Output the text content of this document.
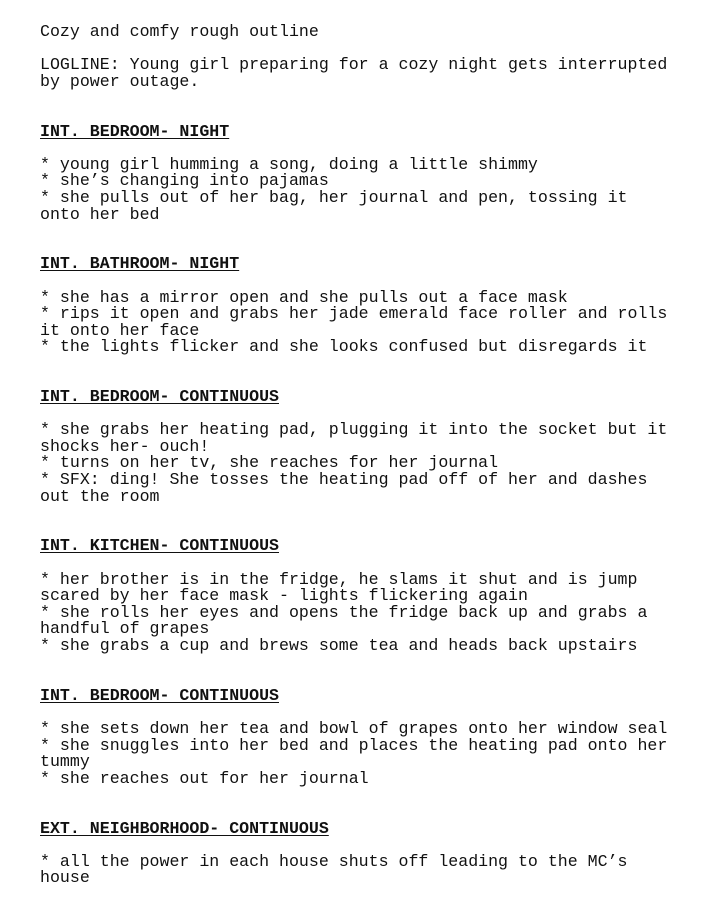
Cozy and comfy rough outline
LOGLINE: Young girl preparing for a cozy night gets interrupted
by power outage.
INT. BEDROOM- NIGHT
* young girl humming a song, doing a little shimmy
* she’s changing into pajamas
* she pulls out of her bag, her journal and pen, tossing it
onto her bed
INT. BATHROOM- NIGHT
* she has a mirror open and she pulls out a face mask
* rips it open and grabs her jade emerald face roller and rolls
it onto her face
* the lights flicker and she looks confused but disregards it
INT. BEDROOM- CONTINUOUS
* she grabs her heating pad, plugging it into the socket but it
shocks her- ouch!
* turns on her tv, she reaches for her journal
* SFX: ding! She tosses the heating pad off of her and dashes
out the room
INT. KITCHEN- CONTINUOUS
* her brother is in the fridge, he slams it shut and is jump
scared by her face mask - lights flickering again
* she rolls her eyes and opens the fridge back up and grabs a
handful of grapes
* she grabs a cup and brews some tea and heads back upstairs
INT. BEDROOM- CONTINUOUS
* she sets down her tea and bowl of grapes onto her window seal
* she snuggles into her bed and places the heating pad onto her
tummy
* she reaches out for her journal
EXT. NEIGHBORHOOD- CONTINUOUS
* all the power in each house shuts off leading to the MC’s
house
